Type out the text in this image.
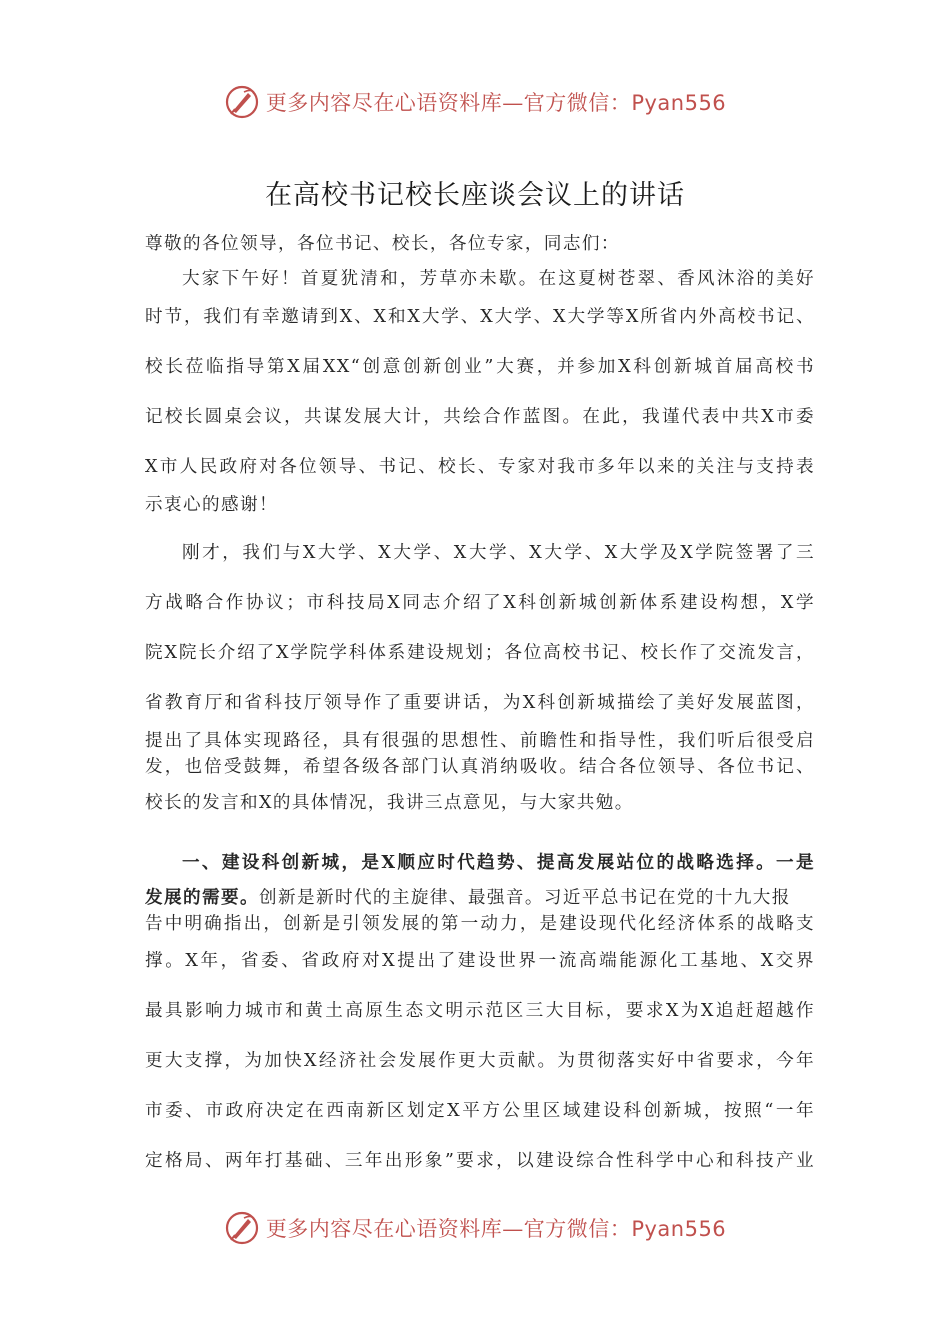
更多内容尽在心语资料库—官方微信：Pyan556
在高校书记校长座谈会议上的讲话
尊敬的各位领导，各位书记、校长，各位专家，同志们：
大家下午好！首夏犹清和，芳草亦未歇。在这夏树苍翠、香风沐浴的美好
时节，我们有幸邀请到X、X和X大学、X大学、X大学等X所省内外高校书记、
校长莅临指导第X届XX“创意创新创业”大赛，并参加X科创新城首届高校书
记校长圆桌会议，共谋发展大计，共绘合作蓝图。在此，我谨代表中共X市委
X市人民政府对各位领导、书记、校长、专家对我市多年以来的关注与支持表
示衷心的感谢！
刚才，我们与X大学、X大学、X大学、X大学、X大学及X学院签署了三
方战略合作协议；市科技局X同志介绍了X科创新城创新体系建设构想，X学
院X院长介绍了X学院学科体系建设规划；各位高校书记、校长作了交流发言，
省教育厅和省科技厅领导作了重要讲话，为X科创新城描绘了美好发展蓝图，
提出了具体实现路径，具有很强的思想性、前瞻性和指导性，我们听后很受启
发，也倍受鼓舞，希望各级各部门认真消纳吸收。结合各位领导、各位书记、
校长的发言和X的具体情况，我讲三点意见，与大家共勉。
一、建设科创新城，是X顺应时代趋势、提高发展站位的战略选择。一是
发展的需要。创新是新时代的主旋律、最强音。习近平总书记在党的十九大报
告中明确指出，创新是引领发展的第一动力，是建设现代化经济体系的战略支
撑。X年，省委、省政府对X提出了建设世界一流高端能源化工基地、X交界
最具影响力城市和黄土高原生态文明示范区三大目标，要求X为X追赶超越作
更大支撑，为加快X经济社会发展作更大贡献。为贯彻落实好中省要求，今年
市委、市政府决定在西南新区划定X平方公里区域建设科创新城，按照“一年
定格局、两年打基础、三年出形象”要求，以建设综合性科学中心和科技产业
更多内容尽在心语资料库—官方微信：Pyan556
